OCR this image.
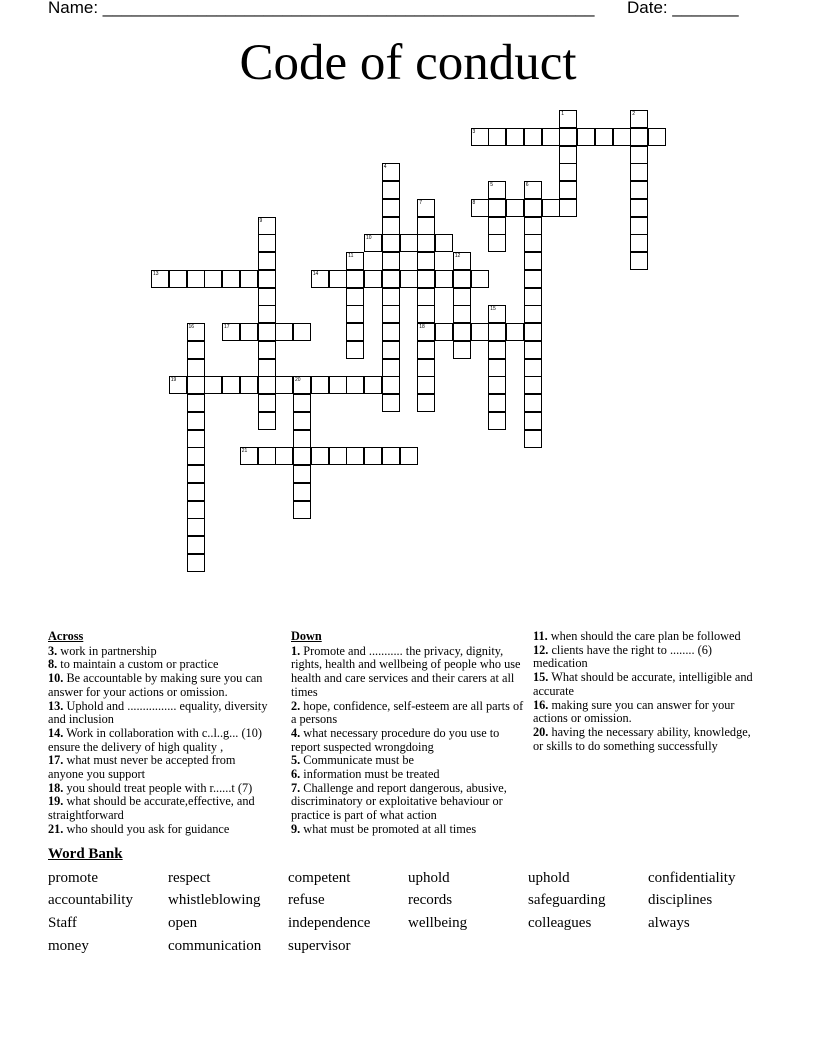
Name: ____________________________________________________ Date: _______
Code of conduct
1	2
3
4
5	6
7
18
8
9
10
11	12
13	14
15
16	17
19	20
21
Across
3. work in partnership
8. to maintain a custom or practice
10. Be accountable by making sure you can answer for your actions or omission.
13. Uphold and ................ equality, diversity and inclusion
14. Work in collaboration with c..l..g... (10) ensure the delivery of high quality ,
17. what must never be accepted from anyone you support
18. you should treat people with r......t (7)
19. what should be accurate,effective, and straightforward
21. who should you ask for guidance
Down
1. Promote and ........... the privacy, dignity, rights, health and wellbeing of people who use health and care services and their carers at all times
2. hope, confidence, self-esteem are all parts of a persons
4. what necessary procedure do you use to report suspected wrongdoing
5. Communicate must be
6. information must be treated
7. Challenge and report dangerous, abusive, discriminatory or exploitative behaviour or practice is part of what action
9. what must be promoted at all times
11. when should the care plan be followed
12. clients have the right to ........ (6) medication
15. What should be accurate, intelligible and accurate
16. making sure you can answer for your actions or omission.
20. having the necessary ability, knowledge, or skills to do something successfully
Word Bank
promote	respect	competent	uphold	uphold	confidentiality
accountability whistleblowing refuse	records	safeguarding	disciplines
Staff	open	independence	wellbeing	colleagues	always
money	communication supervisor
